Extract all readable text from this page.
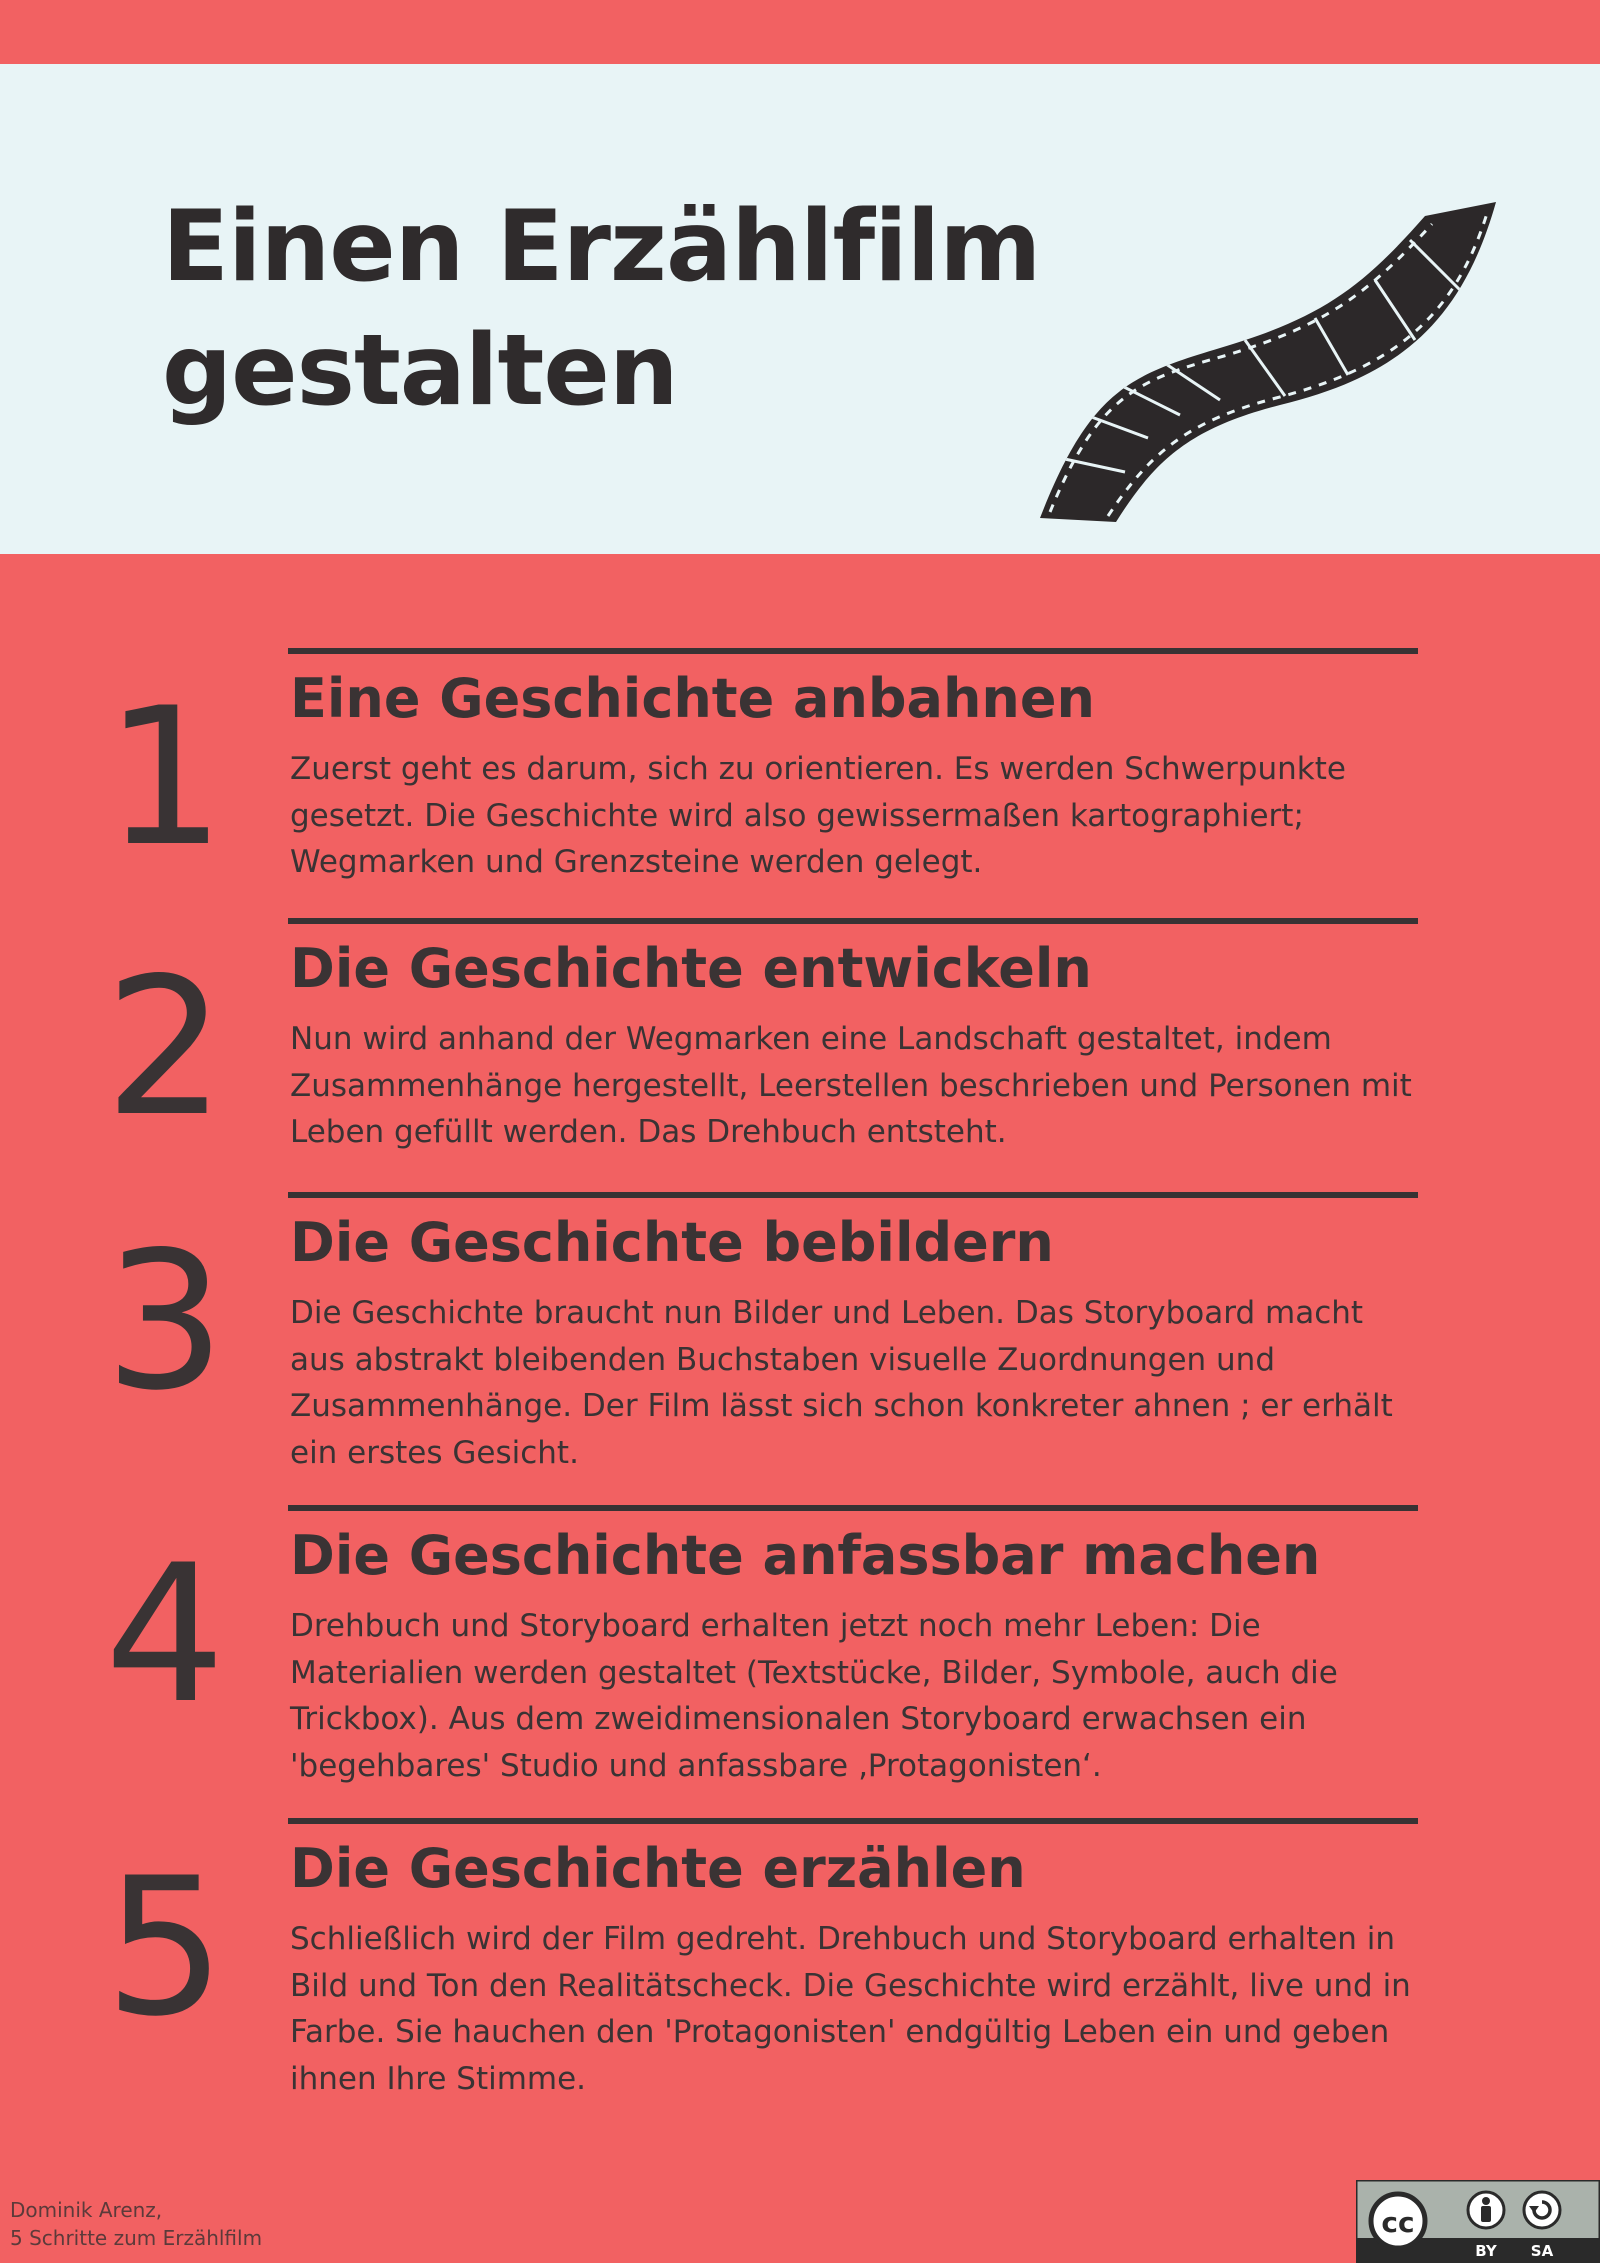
Einen Erzählfilm gestalten
1 Eine Geschichte anbahnen

Zuerst geht es darum, sich zu orientieren. Es werden Schwerpunkte gesetzt. Die Geschichte wird also gewissermaßen kartographiert; Wegmarken und Grenzsteine werden gelegt.

2 Die Geschichte entwickeln

Nun wird anhand der Wegmarken eine Landschaft gestaltet, indem Zusammenhänge hergestellt, Leerstellen beschrieben und Personen mit Leben gefüllt werden. Das Drehbuch entsteht.

3 Die Geschichte bebildern

Die Geschichte braucht nun Bilder und Leben. Das Storyboard macht aus abstrakt bleibenden Buchstaben visuelle Zuordnungen und Zusammenhänge. Der Film lässt sich schon konkreter ahnen ; er erhält ein erstes Gesicht.

4 Die Geschichte anfassbar machen

Drehbuch und Storyboard erhalten jetzt noch mehr Leben: Die Materialien werden gestaltet (Textstücke, Bilder, Symbole, auch die Trickbox). Aus dem zweidimensionalen Storyboard erwachsen ein 'begehbares' Studio und anfassbare ‚Protagonisten‘.

5 Die Geschichte erzählen

Schließlich wird der Film gedreht. Drehbuch und Storyboard erhalten in Bild und Ton den Realitätscheck. Die Geschichte wird erzählt, live und in Farbe. Sie hauchen den 'Protagonisten' endgültig Leben ein und geben ihnen Ihre Stimme.

Dominik Arenz,
5 Schritte zum Erzählfilm	cc
BY SA
